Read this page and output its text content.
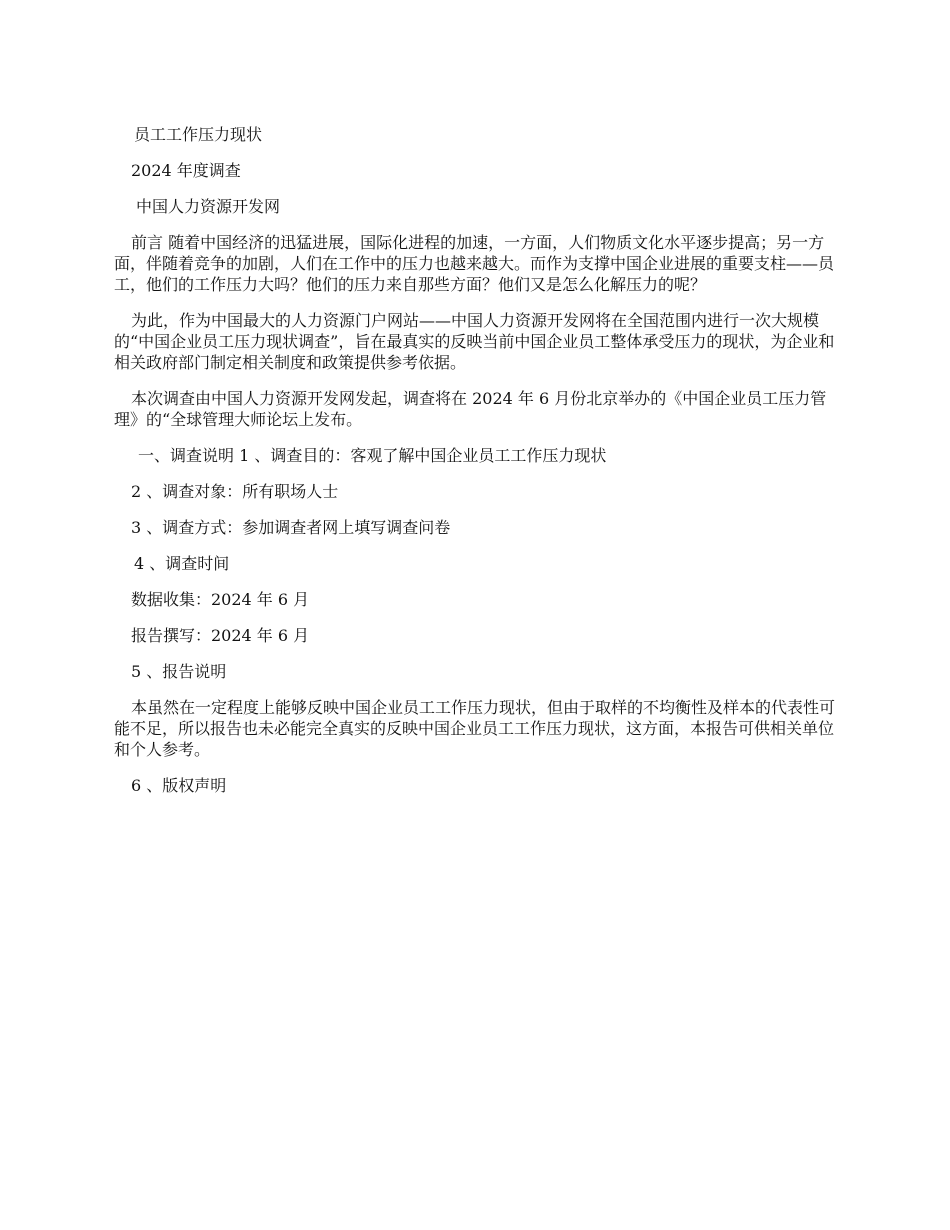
员工工作压力现状

2024 年度调查

中国人力资源开发网

前言 随着中国经济的迅猛进展，国际化进程的加速，一方面，人们物质文化水平逐步提高；另一方面，伴随着竞争的加剧，人们在工作中的压力也越来越大。而作为支撑中国企业进展的重要支柱——员工，他们的工作压力大吗？他们的压力来自那些方面？他们又是怎么化解压力的呢？

为此，作为中国最大的人力资源门户网站——中国人力资源开发网将在全国范围内进行一次大规模的“中国企业员工压力现状调查”，旨在最真实的反映当前中国企业员工整体承受压力的现状，为企业和相关政府部门制定相关制度和政策提供参考依据。

本次调查由中国人力资源开发网发起，调查将在 2024 年 6 月份北京举办的《中国企业员工压力管理》的“全球管理大师论坛上发布。

一、调查说明 1 、调查目的：客观了解中国企业员工工作压力现状

2 、调查对象：所有职场人士

3 、调查方式：参加调查者网上填写调查问卷

4 、调查时间

数据收集：2024 年 6 月

报告撰写：2024 年 6 月

5 、报告说明

本虽然在一定程度上能够反映中国企业员工工作压力现状，但由于取样的不均衡性及样本的代表性可能不足，所以报告也未必能完全真实的反映中国企业员工工作压力现状，这方面，本报告可供相关单位和个人参考。

6 、版权声明
